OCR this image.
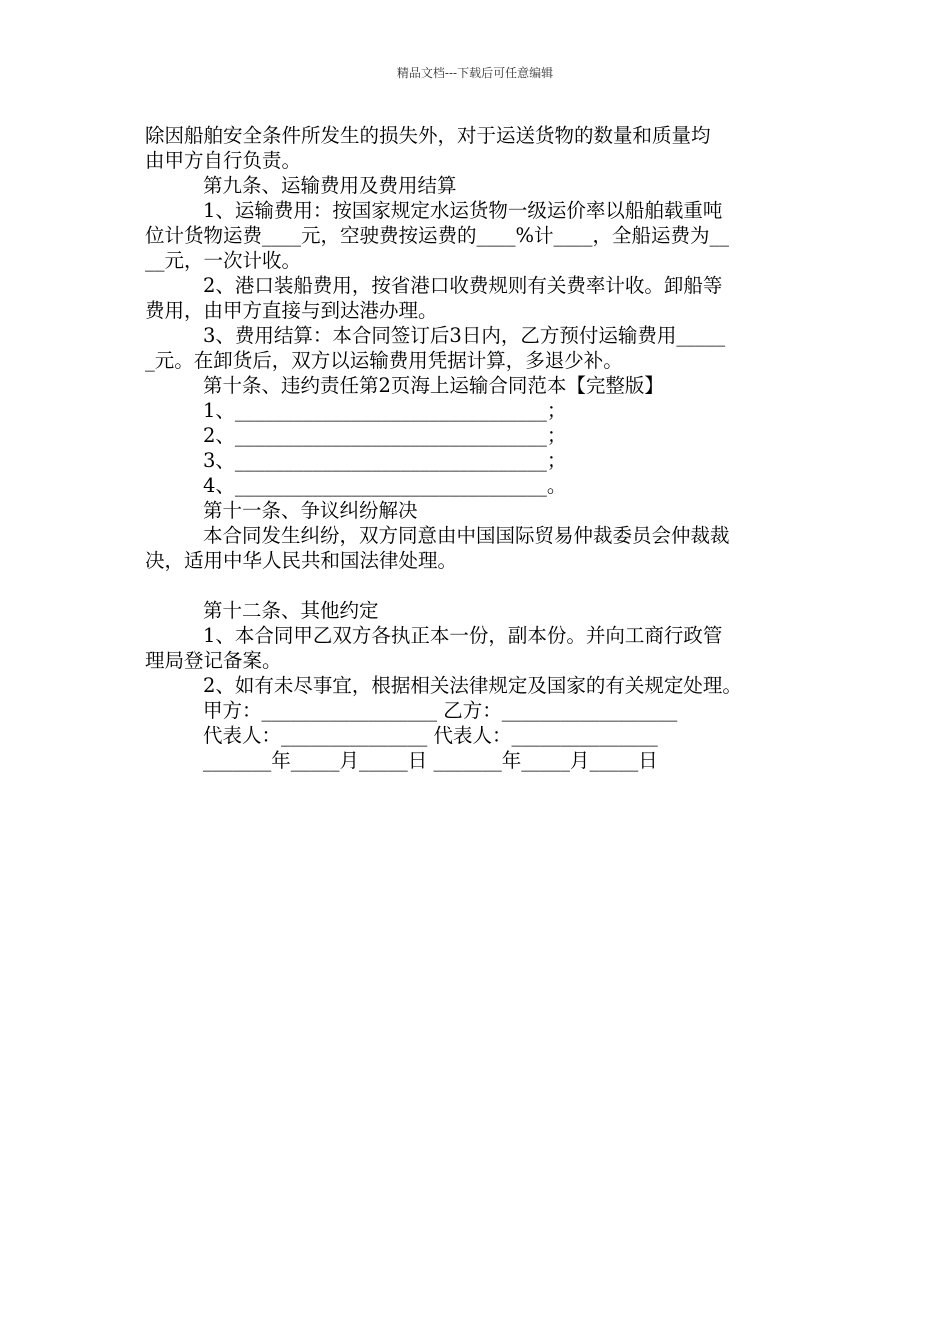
精品文档---下载后可任意编辑
除因船舶安全条件所发生的损失外，对于运送货物的数量和质量均
由甲方自行负责。
第九条、运输费用及费用结算
1、运输费用：按国家规定水运货物一级运价率以船舶载重吨
位计货物运费____元，空驶费按运费的____%计____，全船运费为__
__元，一次计收。
2、港口装船费用，按省港口收费规则有关费率计收。卸船等
费用，由甲方直接与到达港办理。
3、费用结算：本合同签订后3日内，乙方预付运输费用_____
_元。在卸货后，双方以运输费用凭据计算，多退少补。
第十条、违约责任第2页海上运输合同范本【完整版】
1、________________________________；
2、________________________________；
3、________________________________；
4、________________________________。
第十一条、争议纠纷解决
本合同发生纠纷，双方同意由中国国际贸易仲裁委员会仲裁裁
决，适用中华人民共和国法律处理。
第十二条、其他约定
1、本合同甲乙双方各执正本一份，副本份。并向工商行政管
理局登记备案。
2、如有未尽事宜，根据相关法律规定及国家的有关规定处理。
甲方：__________________ 乙方：__________________
代表人：_______________ 代表人：_______________
_______年_____月_____日 _______年_____月_____日
